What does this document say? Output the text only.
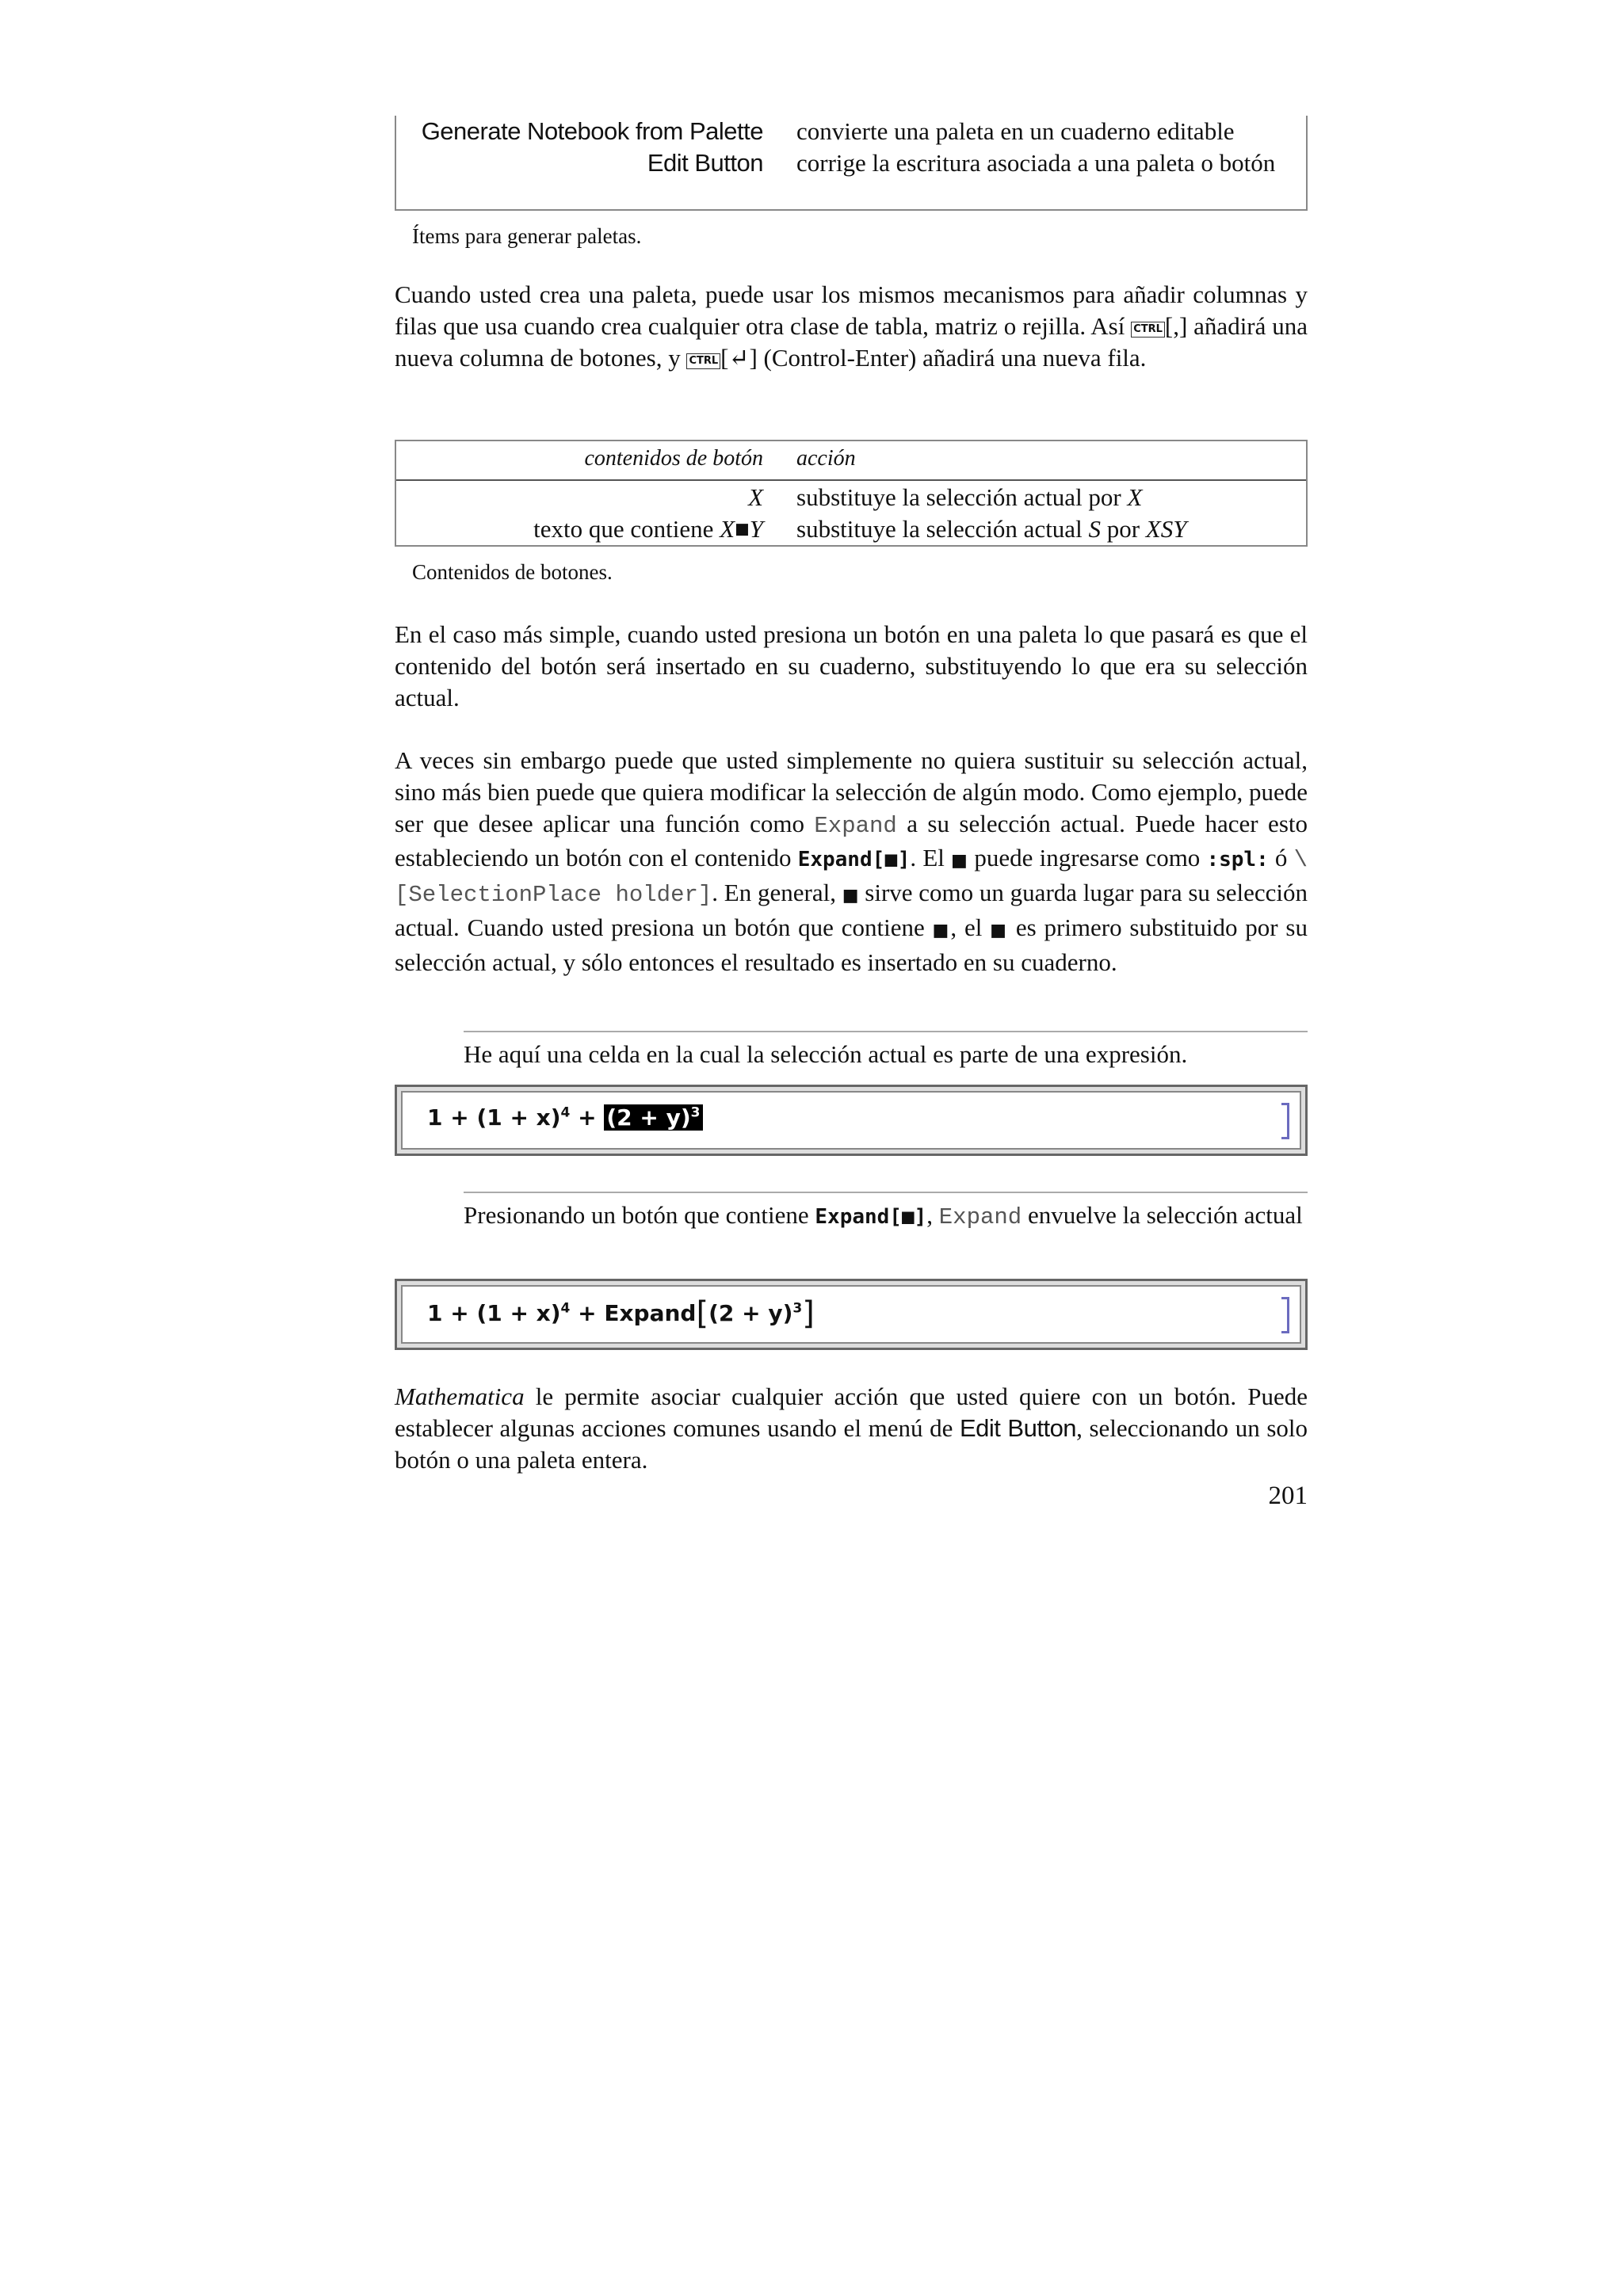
Generate Notebook from Palette convierte una paleta en un cuaderno editable
Edit Button corrige la escritura asociada a una paleta o botón
Ítems para generar paletas.

Cuando usted crea una paleta, puede usar los mismos mecanismos para añadir columnas y filas que usa cuando crea cualquier otra clase de tabla, matriz o rejilla. Así CTRL[,] añadirá una nueva columna de botones, y CTRL[↵] (Control-Enter) añadirá una nueva fila.

contenidos de botón acción
X substituye la selección actual por X
texto que contiene X■Y substituye la selección actual S por XSY
Contenidos de botones.

En el caso más simple, cuando usted presiona un botón en una paleta lo que pasará es que el contenido del botón será insertado en su cuaderno, substituyendo lo que era su selección actual.

A veces sin embargo puede que usted simplemente no quiera sustituir su selección actual, sino más bien puede que quiera modificar la selección de algún modo. Como ejemplo, puede ser que desee aplicar una función como Expand a su selección actual. Puede hacer esto estableciendo un botón con el contenido Expand[■]. El ■ puede ingresarse como :spl: ó \[SelectionPlace holder]. En general, ■ sirve como un guarda lugar para su selección actual. Cuando usted presiona un botón que contiene ■, el ■ es primero substituido por su selección actual, y sólo entonces el resultado es insertado en su cuaderno.

He aquí una celda en la cual la selección actual es parte de una expresión.

$1 + (1 + x)^4 + (2 + y)^3$

Presionando un botón que contiene Expand[■], Expand envuelve la selección actual

$1 + (1 + x)^4$ + Expand[(2 + y)$^3$]

Mathematica le permite asociar cualquier acción que usted quiere con un botón. Puede establecer algunas acciones comunes usando el menú de Edit Button, seleccionando un solo botón o una paleta entera.

201
